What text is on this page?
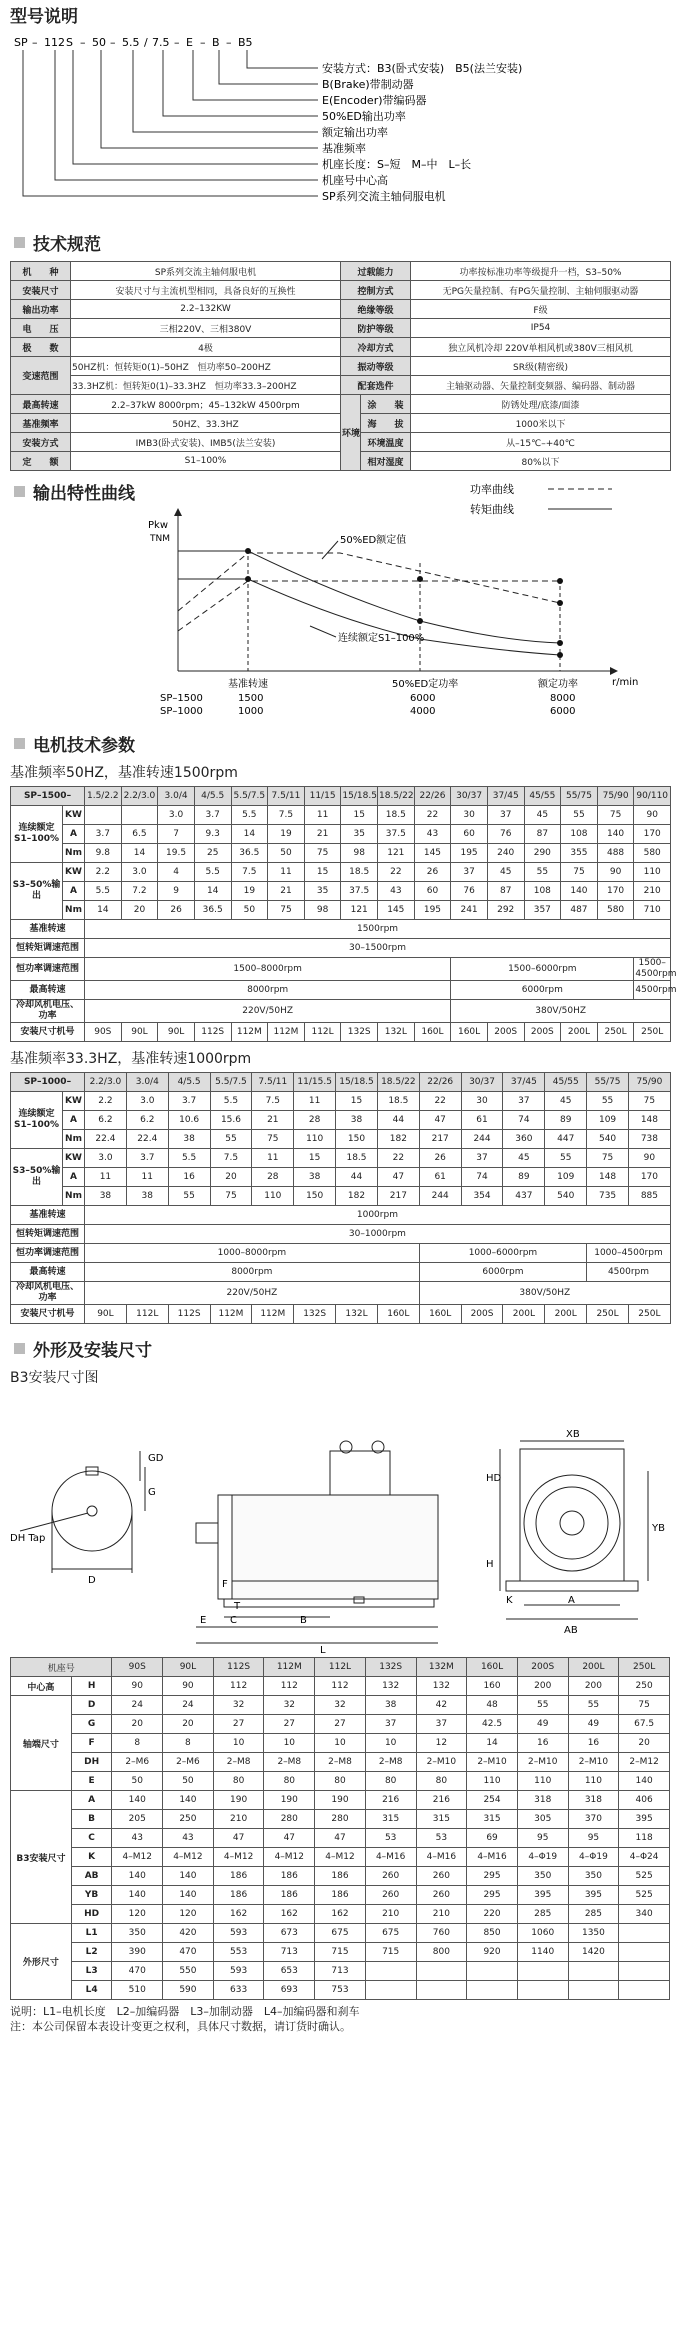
型号说明
SP – 112 S – 50 – 5.5 / 7.5 – E – B – B5
安装方式：B3(卧式安装)　B5(法兰安装)
B(Brake)带制动器
E(Encoder)带编码器
50%ED输出功率
额定输出功率
基准频率
机座长度：S–短　M–中　L–长
机座号中心高
SP系列交流主轴伺服电机
技术规范
机　　种	SP系列交流主轴伺服电机	过载能力		功率按标准功率等级提升一档，S3–50%
安装尺寸	安装尺寸与主流机型相同，具备良好的互换性	控制方式		无PG矢量控制、有PG矢量控制、主轴伺服驱动器
输出功率	2.2–132KW	绝缘等级		F级
电　　压	三相220V、三相380V	防护等级		IP54
极　　数	4极	冷却方式		独立风机冷却 220V单相风机或380V三相风机
变速范围	50HZ机：恒转矩0(1)–50HZ　恒功率50–200HZ	振动等级		SR级(精密级)
	33.3HZ机：恒转矩0(1)–33.3HZ　恒功率33.3–200HZ	配套选件		主轴驱动器、矢量控制变频器、编码器、制动器
最高转速	2.2–37kW 8000rpm；45–132kW 4500rpm	环境	涂　　装	防锈处理/底漆/面漆
基准频率	50HZ、33.3HZ		海　　拔	1000米以下
安装方式	IMB3(卧式安装)、IMB5(法兰安装)		环境温度	从–15℃–+40℃
定　　额	S1–100%		相对湿度	80%以下
输出特性曲线	功率曲线
转矩曲线
Pkw
TNM
r/min
50%ED额定值
连续额定S1–100%
基准转速	50%ED定功率	额定功率
SP–1500	1500	6000	8000
SP–1000	1000	4000	6000
电机技术参数
基准频率50HZ，基准转速1500rpm
SP–1500–		1.5/2.2	2.2/3.0	3.0/4	4/5.5	5.5/7.5	7.5/11	11/15	15/18.5	18.5/22	22/26	30/37	37/45	45/55	55/75	75/90	90/110
连续额定S1–100%	KW			3.0	3.7	5.5	7.5	11	15	18.5	22	30	37	45	55	75	90
	A	3.7	6.5	7	9.3	14	19	21	35	37.5	43	60	76	87	108	140	170
	Nm	9.8	14	19.5	25	36.5	50	75	98	121	145	195	240	290	355	488	580
S3–50%输出	KW	2.2	3.0	4	5.5	7.5	11	15	18.5	22	26	37	45	55	75	90	110
	A	5.5	7.2	9	14	19	21	35	37.5	43	60	76	87	108	140	170	210
	Nm	14	20	26	36.5	50	75	98	121	145	195	241	292	357	487	580	710
基准转速		1500rpm															
恒转矩调速范围		30–1500rpm															
恒功率调速范围		1500–8000rpm										1500–6000rpm					1500–4500rpm
最高转速		8000rpm										6000rpm					4500rpm
冷却风机电压、功率		220V/50HZ										380V/50HZ					
安装尺寸机号		90S	90L	90L	112S	112M	112M	112L	132S	132L	160L	160L	200S	200S	200L	250L	250L
基准频率33.3HZ，基准转速1000rpm
SP–1000–		2.2/3.0	3.0/4	4/5.5	5.5/7.5	7.5/11	11/15.5	15/18.5	18.5/22	22/26	30/37	37/45	45/55	55/75	75/90
连续额定S1–100%	KW	2.2	3.0	3.7	5.5	7.5	11	15	18.5	22	30	37	45	55	75
	A	6.2	6.2	10.6	15.6	21	28	38	44	47	61	74	89	109	148
	Nm	22.4	22.4	38	55	75	110	150	182	217	244	360	447	540	738
S3–50%输出	KW	3.0	3.7	5.5	7.5	11	15	18.5	22	26	37	45	55	75	90
	A	11	11	16	20	28	38	44	47	61	74	89	109	148	170
	Nm	38	38	55	75	110	150	182	217	244	354	437	540	735	885
基准转速		1000rpm													
恒转矩调速范围		30–1000rpm													
恒功率调速范围		1000–8000rpm								1000–6000rpm				1000–4500rpm	
最高转速		8000rpm								6000rpm				4500rpm	
冷却风机电压、功率		220V/50HZ								380V/50HZ					
安装尺寸机号		90L	112L	112S	112M	112M	132S	132L	160L	160L	200S	200L	200L	250L	250L
外形及安装尺寸
B3安装尺寸图
DH Tap
D
GD
G
E C	B
L
F
T
XB
HD
YB
H
K	A
AB
机座号		90S	90L	112S	112M	112L	132S	132M	160L	200S	200L	250L
中心高	H	90	90	112	112	112	132	132	160	200	200	250
轴端尺寸	D	24	24	32	32	32	38	42	48	55	55	75
	G	20	20	27	27	27	37	37	42.5	49	49	67.5
	F	8	8	10	10	10	10	12	14	16	16	20
	DH	2–M6	2–M6	2–M8	2–M8	2–M8	2–M8	2–M10	2–M10	2–M10	2–M10	2–M12
	E	50	50	80	80	80	80	80	110	110	110	140
B3安装尺寸	A	140	140	190	190	190	216	216	254	318	318	406
	B	205	250	210	280	280	315	315	315	305	370	395
	C	43	43	47	47	47	53	53	69	95	95	118
	K	4–M12	4–M12	4–M12	4–M12	4–M12	4–M16	4–M16	4–M16	4–Φ19	4–Φ19	4–Φ24
	AB	140	140	186	186	186	260	260	295	350	350	525
	YB	140	140	186	186	186	260	260	295	395	395	525
	HD	120	120	162	162	162	210	210	220	285	285	340
外形尺寸	L1	350	420	593	673	675	675	760	850	1060	1350	
	L2	390	470	553	713	715	715	800	920	1140	1420	
	L3	470	550	593	653	713						
	L4	510	590	633	693	753						
说明：L1–电机长度　L2–加编码器　L3–加制动器　L4–加编码器和刹车
注：本公司保留本表设计变更之权利，具体尺寸数据，请订货时确认。
